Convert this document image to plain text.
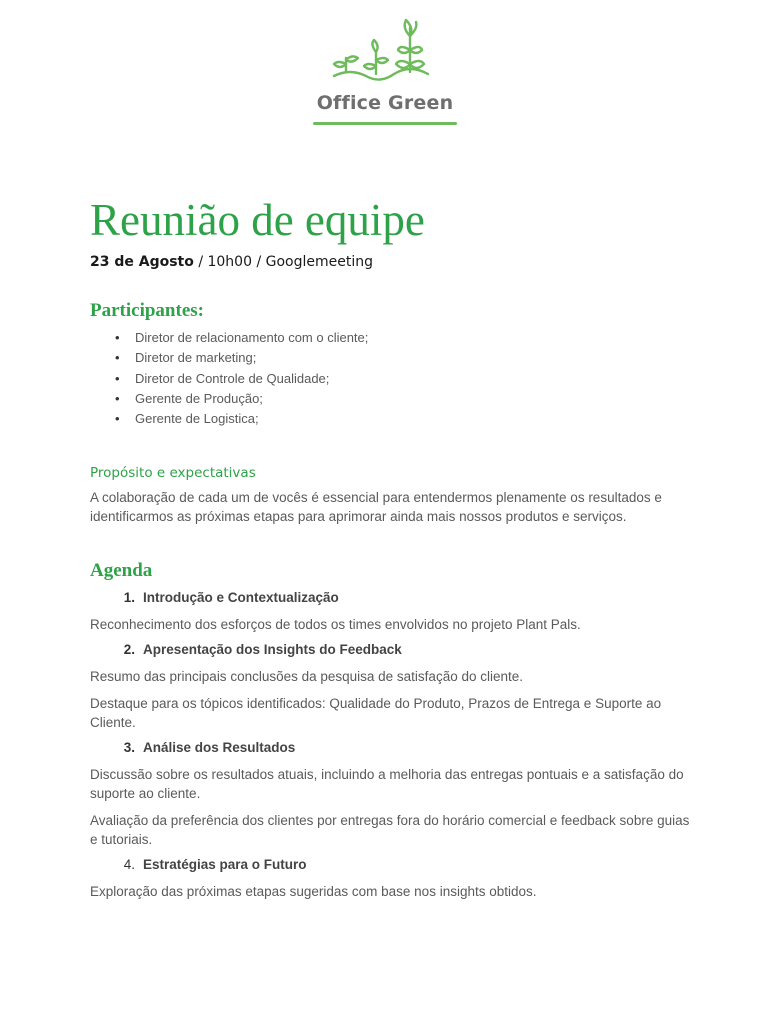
Office Green
Reunião de equipe
23 de Agosto / 10h00 / Googlemeeting
Participantes:
• Diretor de relacionamento com o cliente;
• Diretor de marketing;
• Diretor de Controle de Qualidade;
• Gerente de Produção;
• Gerente de Logistica;
Propósito e expectativas

A colaboração de cada um de vocês é essencial para entendermos plenamente os resultados e identificarmos as próximas etapas para aprimorar ainda mais nossos produtos e serviços.

Agenda
1. Introdução e Contextualização

Reconhecimento dos esforços de todos os times envolvidos no projeto Plant Pals.

2. Apresentação dos Insights do Feedback

Resumo das principais conclusões da pesquisa de satisfação do cliente.

Destaque para os tópicos identificados: Qualidade do Produto, Prazos de Entrega e Suporte ao Cliente.

3. Análise dos Resultados

Discussão sobre os resultados atuais, incluindo a melhoria das entregas pontuais e a satisfação do suporte ao cliente.

Avaliação da preferência dos clientes por entregas fora do horário comercial e feedback sobre guias e tutoriais.

4. Estratégias para o Futuro

Exploração das próximas etapas sugeridas com base nos insights obtidos.
